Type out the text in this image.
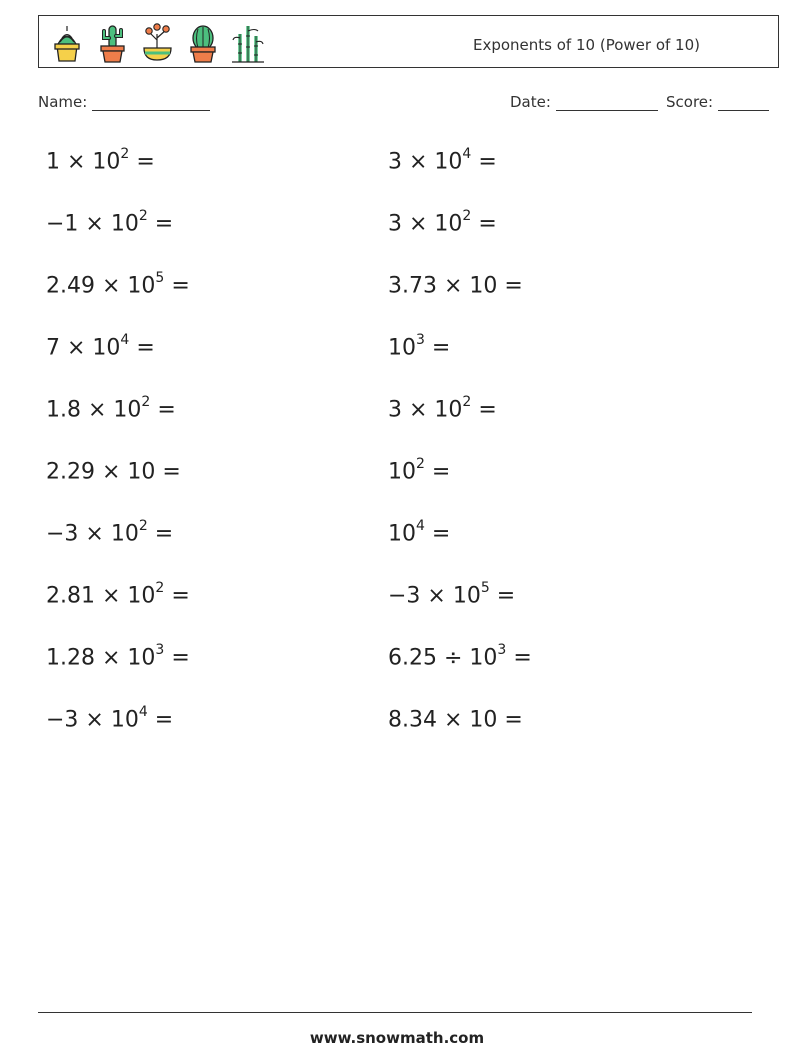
Exponents of 10 (Power of 10)
Name:	Date:	Score:
$1 \times 10^2$ =	$3 \times 10^4$ =
$-1 \times 10^2$ =	$3 \times 10^2$ =
$2.49 \times 10^5$ =	3.73 × 10 =
$7 \times 10^4$ =	$10^3$ =
$1.8 \times 10^2$ =	$3 \times 10^2$ =
2.29 × 10 =	$10^2$ =
$-3 \times 10^2$ =	$10^4$ =
$2.81 \times 10^2$ =	$-3 \times 10^5$ =
$1.28 \times 10^3$ =	$6.25 \div 10^3$ =
$-3 \times 10^4$ =	8.34 × 10 =
www.snowmath.com
